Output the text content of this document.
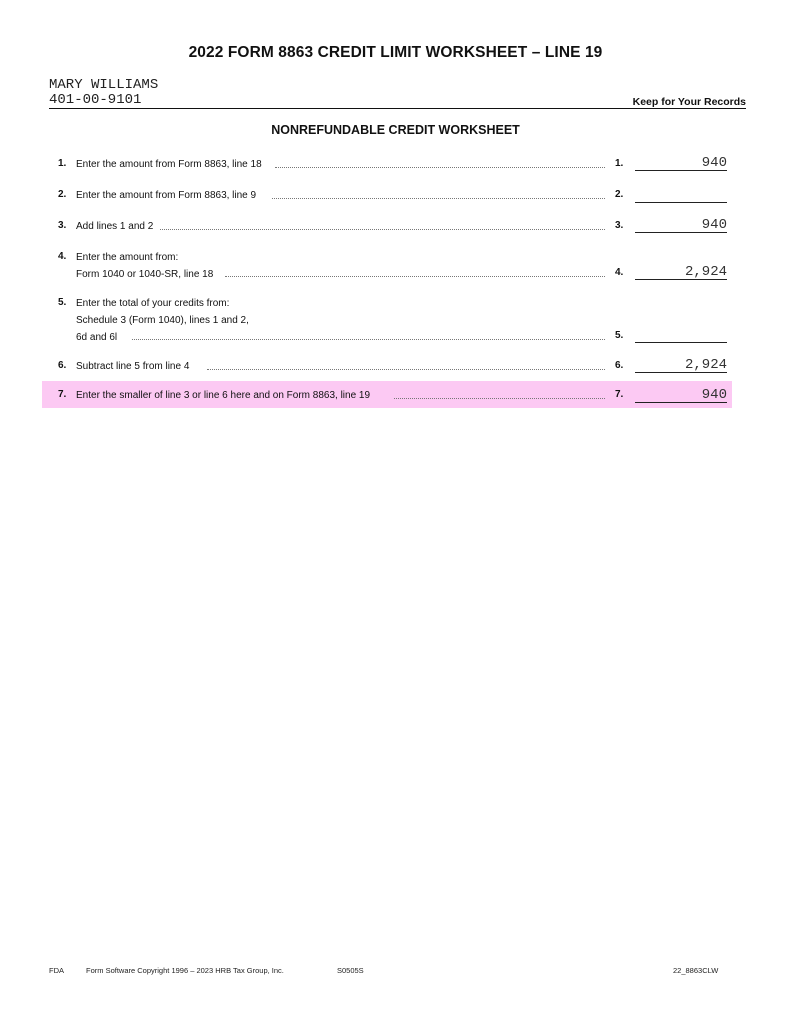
2022 FORM 8863 CREDIT LIMIT WORKSHEET – LINE 19
MARY WILLIAMS
401-00-9101	Keep for Your Records
NONREFUNDABLE CREDIT WORKSHEET
1. Enter the amount from Form 8863, line 18	1.	940
2. Enter the amount from Form 8863, line 9	2.
3. Add lines 1 and 2	3.	940
4. Enter the amount from:
Form 1040 or 1040-SR, line 18	4.	2,924
5. Enter the total of your credits from:
Schedule 3 (Form 1040), lines 1 and 2,
6d and 6l	5.
6. Subtract line 5 from line 4	6.	2,924
7. Enter the smaller of line 3 or line 6 here and on Form 8863, line 19	7.	940
FDA	Form Software Copyright 1996 – 2023 HRB Tax Group, Inc.	S0505S	22_8863CLW
